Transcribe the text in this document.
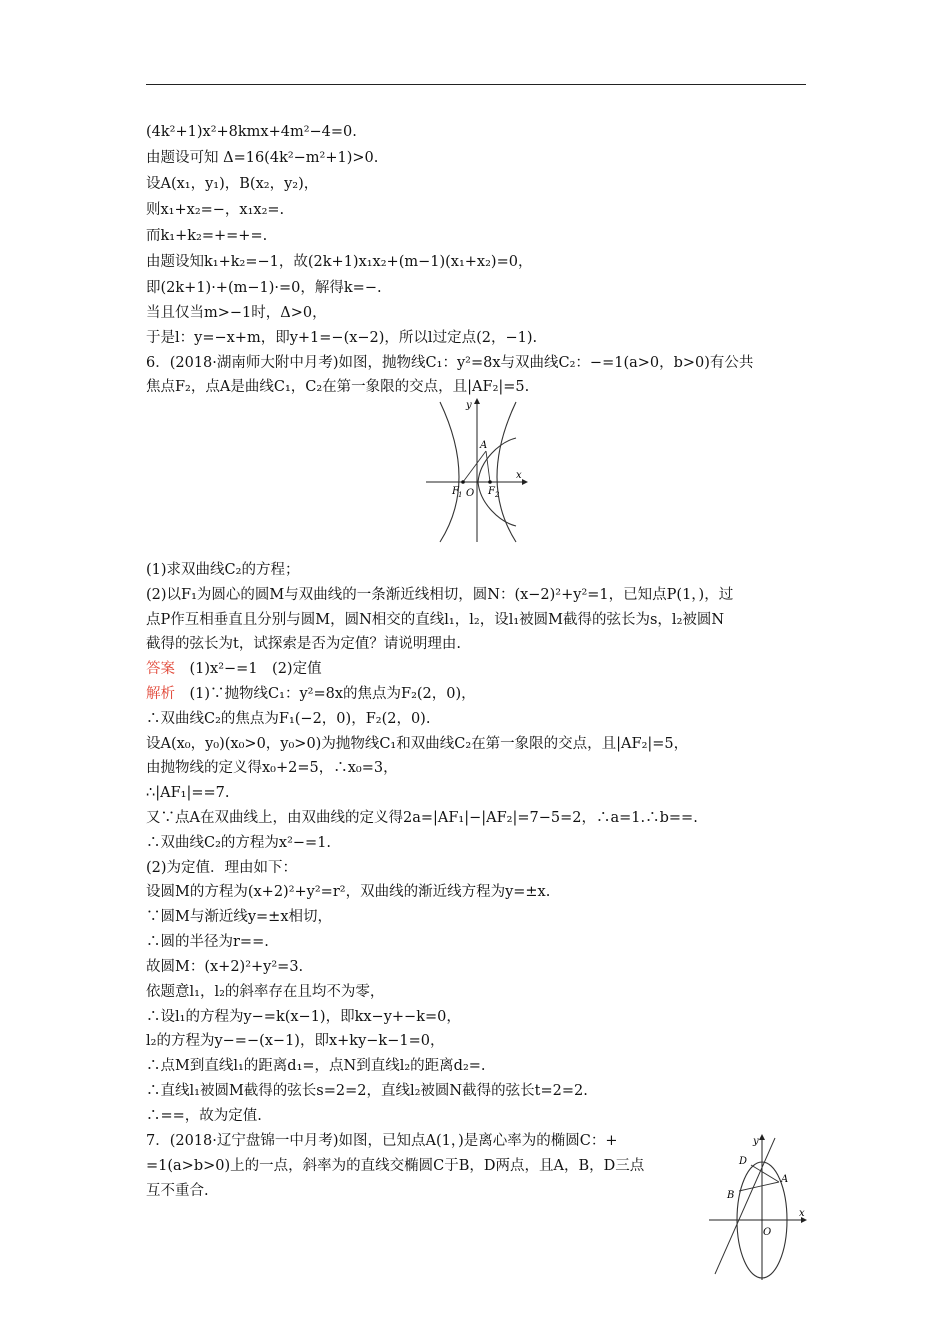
(4k²+1)x²+8kmx+4m²−4=0.
由题设可知 Δ=16(4k²−m²+1)>0.
设A(x₁，y₁)，B(x₂，y₂)，
则x₁+x₂=−，x₁x₂=.
而k₁+k₂=+=+=.
由题设知k₁+k₂=−1，故(2k+1)x₁x₂+(m−1)(x₁+x₂)=0，
即(2k+1)·+(m−1)·=0，解得k=−.
当且仅当m>−1时，Δ>0，
于是l：y=−x+m，即y+1=−(x−2)，所以l过定点(2，−1).
6．(2018·湖南师大附中月考)如图，抛物线C₁：y²=8x与双曲线C₂：−=1(a>0，b>0)有公共
焦点F₂，点A是曲线C₁，C₂在第一象限的交点，且|AF₂|=5.
y
x
A
F 1 O F 2
(1)求双曲线C₂的方程；
(2)以F₁为圆心的圆M与双曲线的一条渐近线相切，圆N：(x−2)²+y²=1，已知点P(1，)，过
点P作互相垂直且分别与圆M，圆N相交的直线l₁，l₂，设l₁被圆M截得的弦长为s，l₂被圆N
截得的弦长为t，试探索是否为定值？请说明理由.
答案　(1)x²−=1　(2)定值
解析　(1)∵抛物线C₁：y²=8x的焦点为F₂(2，0)，
∴双曲线C₂的焦点为F₁(−2，0)，F₂(2，0).
设A(x₀，y₀)(x₀>0，y₀>0)为抛物线C₁和双曲线C₂在第一象限的交点，且|AF₂|=5，
由抛物线的定义得x₀+2=5，∴x₀=3，
∴|AF₁|==7.
又∵点A在双曲线上，由双曲线的定义得2a=|AF₁|−|AF₂|=7−5=2，∴a=1.∴b==.
∴双曲线C₂的方程为x²−=1.
(2)为定值．理由如下：
设圆M的方程为(x+2)²+y²=r²，双曲线的渐近线方程为y=±x.
∵圆M与渐近线y=±x相切，
∴圆的半径为r==.
故圆M：(x+2)²+y²=3.
依题意l₁，l₂的斜率存在且均不为零，
∴设l₁的方程为y−=k(x−1)，即kx−y+−k=0，
l₂的方程为y−=−(x−1)，即x+ky−k−1=0，
∴点M到直线l₁的距离d₁=，点N到直线l₂的距离d₂=.
∴直线l₁被圆M截得的弦长s=2=2，直线l₂被圆N截得的弦长t=2=2.
∴==，故为定值.
7．(2018·辽宁盘锦一中月考)如图，已知点A(1，)是离心率为的椭圆C：+
=1(a>b>0)上的一点，斜率为的直线交椭圆C于B，D两点，且A，B，D三点
互不重合.
y
x
D
A
B
O
